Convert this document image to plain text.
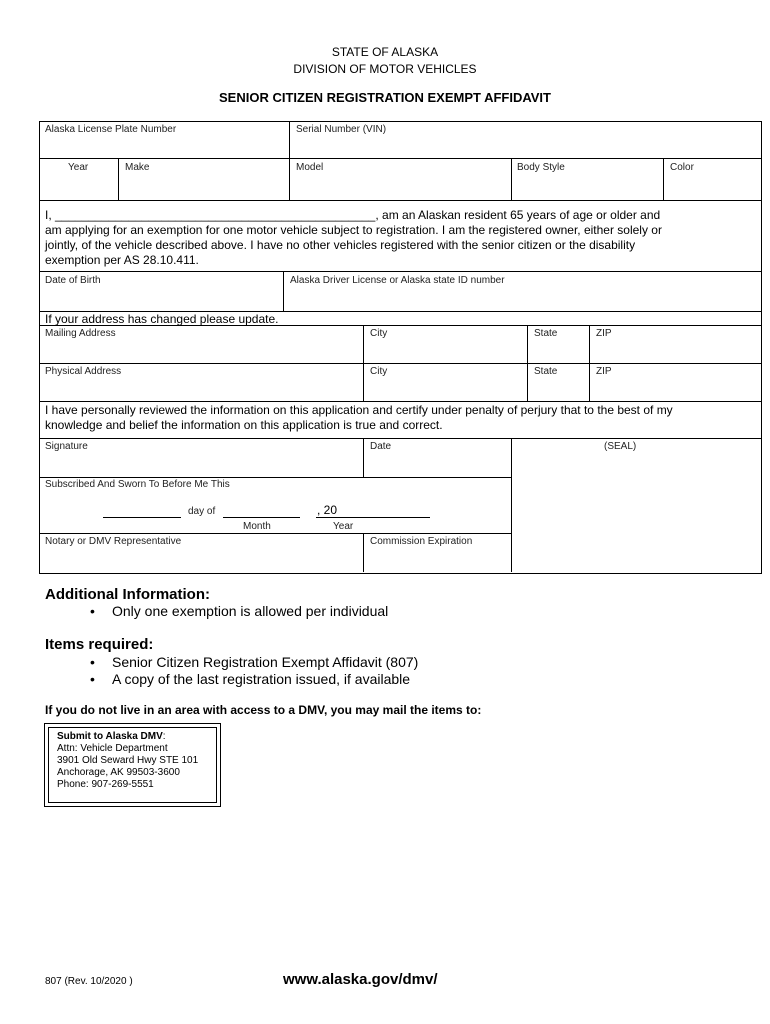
STATE OF ALASKA
DIVISION OF MOTOR VEHICLES
SENIOR CITIZEN REGISTRATION EXEMPT AFFIDAVIT
Alaska License Plate Number	Serial Number (VIN)
Year	Make	Model	Body Style	Color
I, ________________________________________________, am an Alaskan resident 65 years of age or older and
am applying for an exemption for one motor vehicle subject to registration. I am the registered owner, either solely or
jointly, of the vehicle described above. I have no other vehicles registered with the senior citizen or the disability
exemption per AS 28.10.411.
Date of Birth	Alaska Driver License or Alaska state ID number
If your address has changed please update.
Mailing Address	City	State	ZIP
Physical Address	City	State	ZIP
I have personally reviewed the information on this application and certify under penalty of perjury that to the best of my
knowledge and belief the information on this application is true and correct.
Signature	Date	(SEAL)
Subscribed And Sworn To Before Me This
day of
Month
, 20
Year
Notary or DMV Representative	Commission Expiration
Additional Information:
• Only one exemption is allowed per individual
Items required:
• Senior Citizen Registration Exempt Affidavit (807)
• A copy of the last registration issued, if available
If you do not live in an area with access to a DMV, you may mail the items to:
Submit to Alaska DMV:
Attn: Vehicle Department
3901 Old Seward Hwy STE 101
Anchorage, AK 99503-3600
Phone: 907-269-5551
807 (Rev. 10/2020 )	www.alaska.gov/dmv/
